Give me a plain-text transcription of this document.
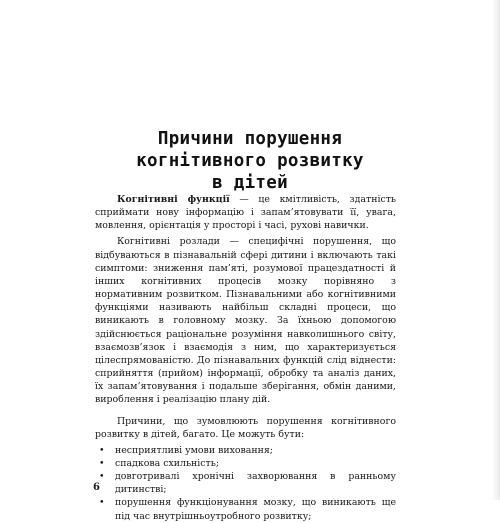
Причини порушення
когнітивного розвитку
в дітей

Когнітивні функції — це кмітливість, здатність сприймати нову інформацію і запам’ятовувати її, увага, мовлення, орієнтація у просторі і часі, рухові навички.

Когнітивні розлади — специфічні порушення, що відбуваються в пізнавальній сфері дитини і включають такі симптоми: зниження пам’яті, розумової працездатності й інших когнітивних процесів мозку порівняно з нормативним розвитком. Пізнавальними або когнітивними функціями називають найбільш складні процеси, що виникають в головному мозку. За їхньою допомогою здійснюється раціональне розуміння навколишнього світу, взаємозв’язок і взаємодія з ним, що характеризується цілеспрямованістю. До пізнавальних функцій слід віднести: сприйняття (прийом) інформації, обробку та аналіз даних, їх запам’ятовування і подальше зберігання, обмін даними, вироблення і реалізацію плану дій.

Причини, що зумовлюють порушення когнітивного розвитку в дітей, багато. Це можуть бути:

• несприятливі умови виховання;
• спадкова схильність;
• довготривалі хронічні захворювання в ранньому дитинстві;
• порушення функціонування мозку, що виникають ще під час внутрішньоутробного розвитку;
6
